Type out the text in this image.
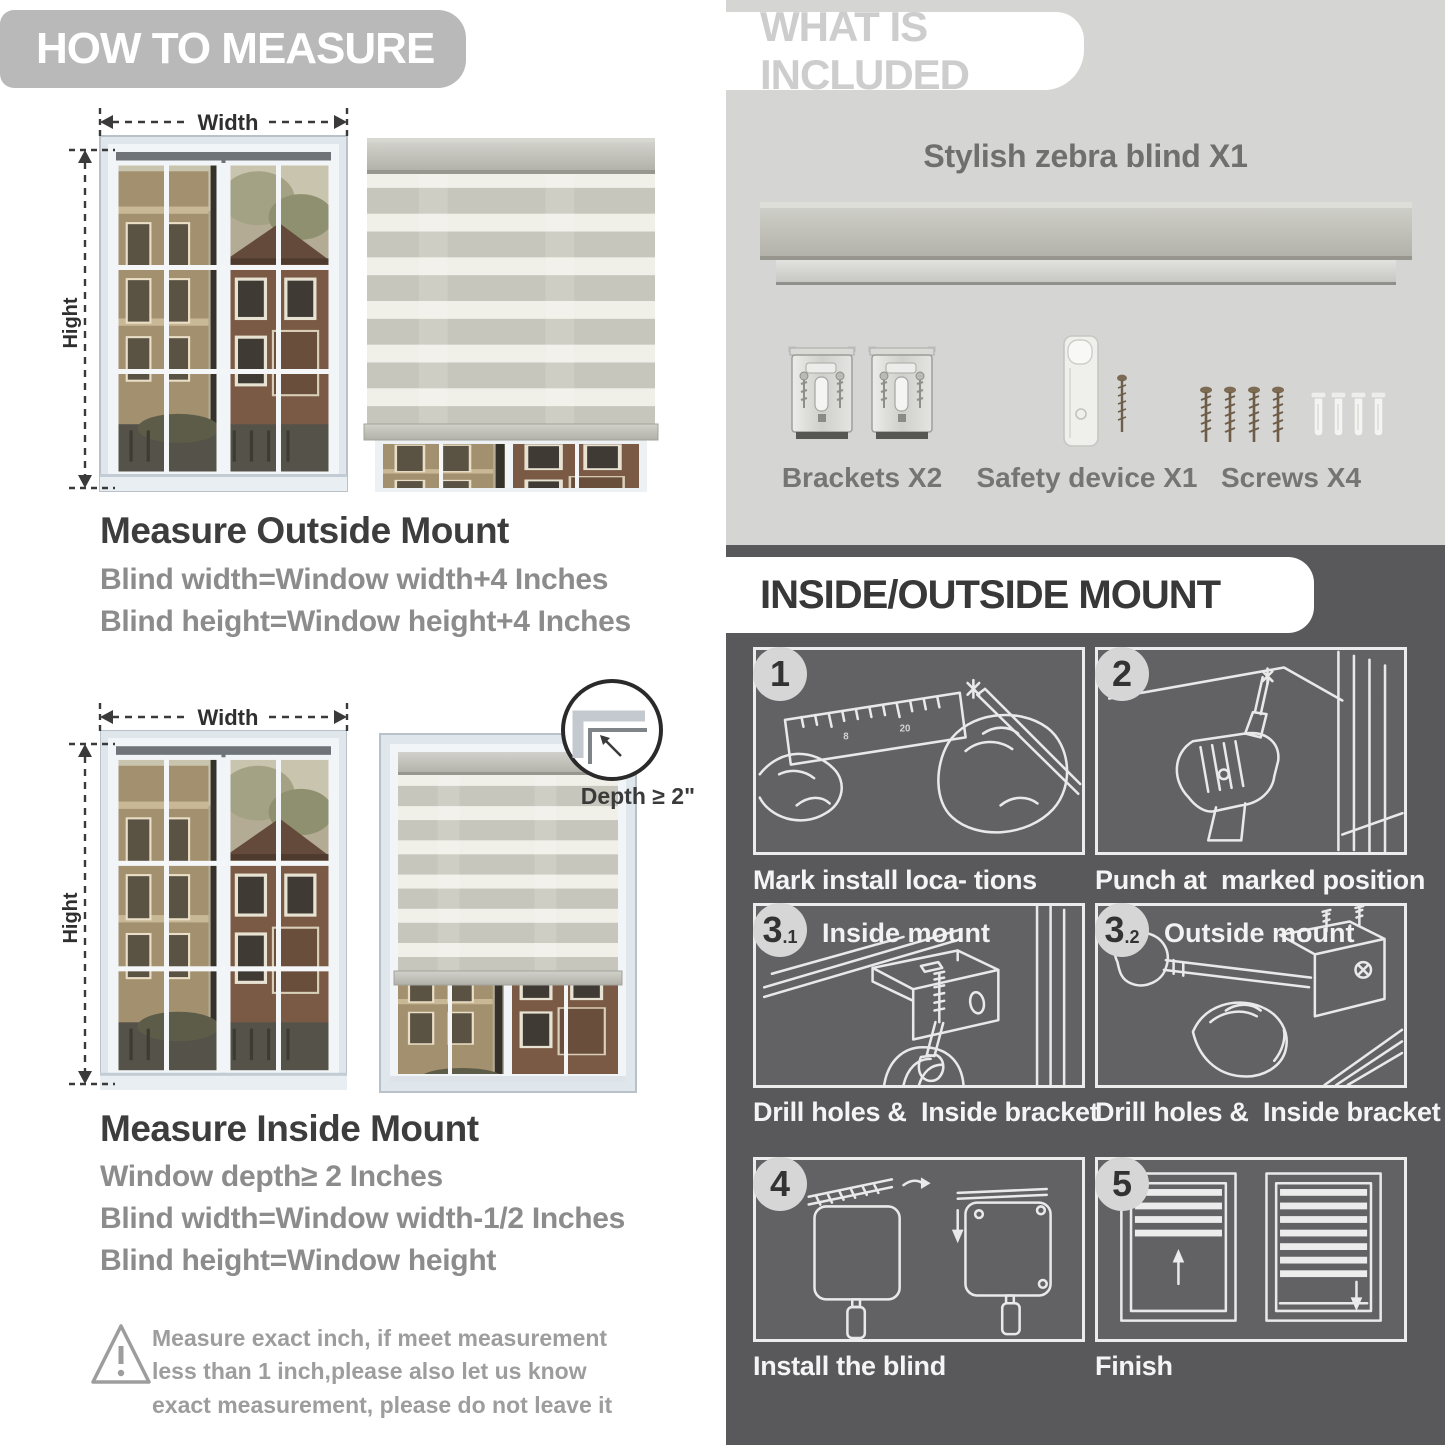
HOW TO MEASURE
Width
Hight
Measure Outside Mount
Blind width=Window width+4 Inches
Blind height=Window height+4 Inches
Width
Hight
Depth ≥ 2"
Measure Inside Mount
Window depth≥ 2 Inches
Blind width=Window width-1/2 Inches
Blind height=Window height
Measure exact inch, if meet measurement less than 1 inch,please also let us know exact measurement, please do not leave it
WHAT IS INCLUDED
Stylish zebra blind X1
Brackets X2	Safety device X1 Screws X4
INSIDE/OUTSIDE MOUNT
8
20
1
Mark install loca- tions
2
Punch at  marked position
3 .1 Inside mount
Drill holes &  Inside bracket
3 .2 Outside mount
Drill holes &  Inside bracket
4
Install the blind
5
Finish
